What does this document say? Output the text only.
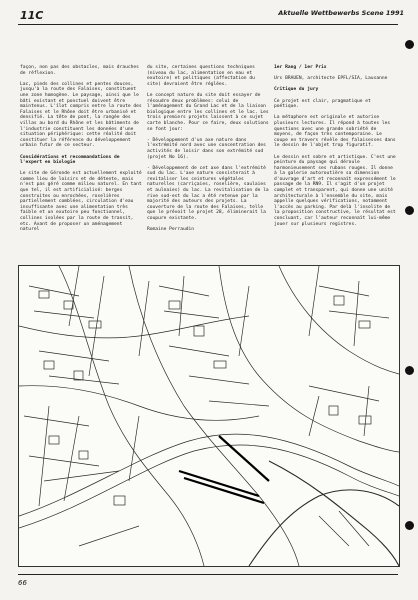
11C	Aktuelle Wettbewerbs Scene 1991

façon, non pas des obstacles, mais drauches de réflexion.

Lac, pieds des collines et pentes douces, jusqu'à la route des Falaises, constituent une zone homogène. Le paysage, ainsi que le bâti existant et ponctuel doivent être maintenus. L'îlot compris entre la route des Falaises et le Rhône doit être urbanisé et densifié. La tête de pont, la rangée des villas au bord du Rhône et les bâtiments de l'industrie constituent les données d'une situation périphérique: cette réalité doit constituer la référence du développement urbain futur de ce secteur.

Considérations et recommandations de l'expert en biologie

Le site de Géronde est actuellement exploité comme lieu de loisirs et de détente, mais n'est pas géré comme milieu naturel. En tant que tel, il est artificialisé: berges construites ou enrochées, roselières partiellement comblées, circulation d'eau insuffisante avec une alimentation très faible et un exutoire peu fonctionnel, collines isolées par la route de transit, etc. Avant de proposer un aménagement naturel

du site, certaines questions techniques (niveau du lac, alimentation en eau et exutoire) et politiques (affectation du site) devraient être réglées.

Le concept nature du site doit essayer de résoudre deux problèmes: celui de l'aménagement du Grand Lac et de la liaison biologique entre les collines et le lac. Les trois premiers projets laissent à ce sujet carte blanche. Pour ce faire, deux solutions se font jour:

- Développement d'un axe nature dans l'extrémité nord avec une concentration des activités de loisir dans son extrémité sud (projet No 16).

- Développement de cet axe dans l'extrémité sud du lac. L'axe nature consisterait à revitaliser les ceintures végétales naturelles (carriçaies, roselière, saulaies et aulnaies) du lac. La revitalisation de la rive sud-est du lac a été retenue par la majorité des auteurs des projets. La couverture de la route des Falaises, telle que le prévoit le projet 28, éliminerait la coupure existante.

Romaine Perraudin

1er Rang / 1er Prix

Urs BRAUEN, architecte EPFL/SIA, Lausanne

Critique du jury

Ce projet est clair, pragmatique et poétique.

La métaphore est originale et autorise plusieurs lectures. Il répond à toutes les questions avec une grande sobriété de moyens, de façon très contemporaine. Le coupe en travers révèle des falaisesses dans le dessin de l'objet trop figuratif.

Le dessin est sobre et artistique. C'est une peinture du paysage qui déroule harmonieusement ses rubans rouges. Il donne à la galerie autoroutière sa dimension d'ouvrage d'art et reconnaît expressément le passage de la RN9. Il s'agit d'un projet complet et transparent, qui donne une unité architecturale à l'ensemble du site, mais appelle quelques vérifications, notamment l'accès au parking. Par delà l'insolite de la proposition constructive, le résultat est concluant, car l'auteur reconnaît lui-même jouer sur plusieurs registres.

66
